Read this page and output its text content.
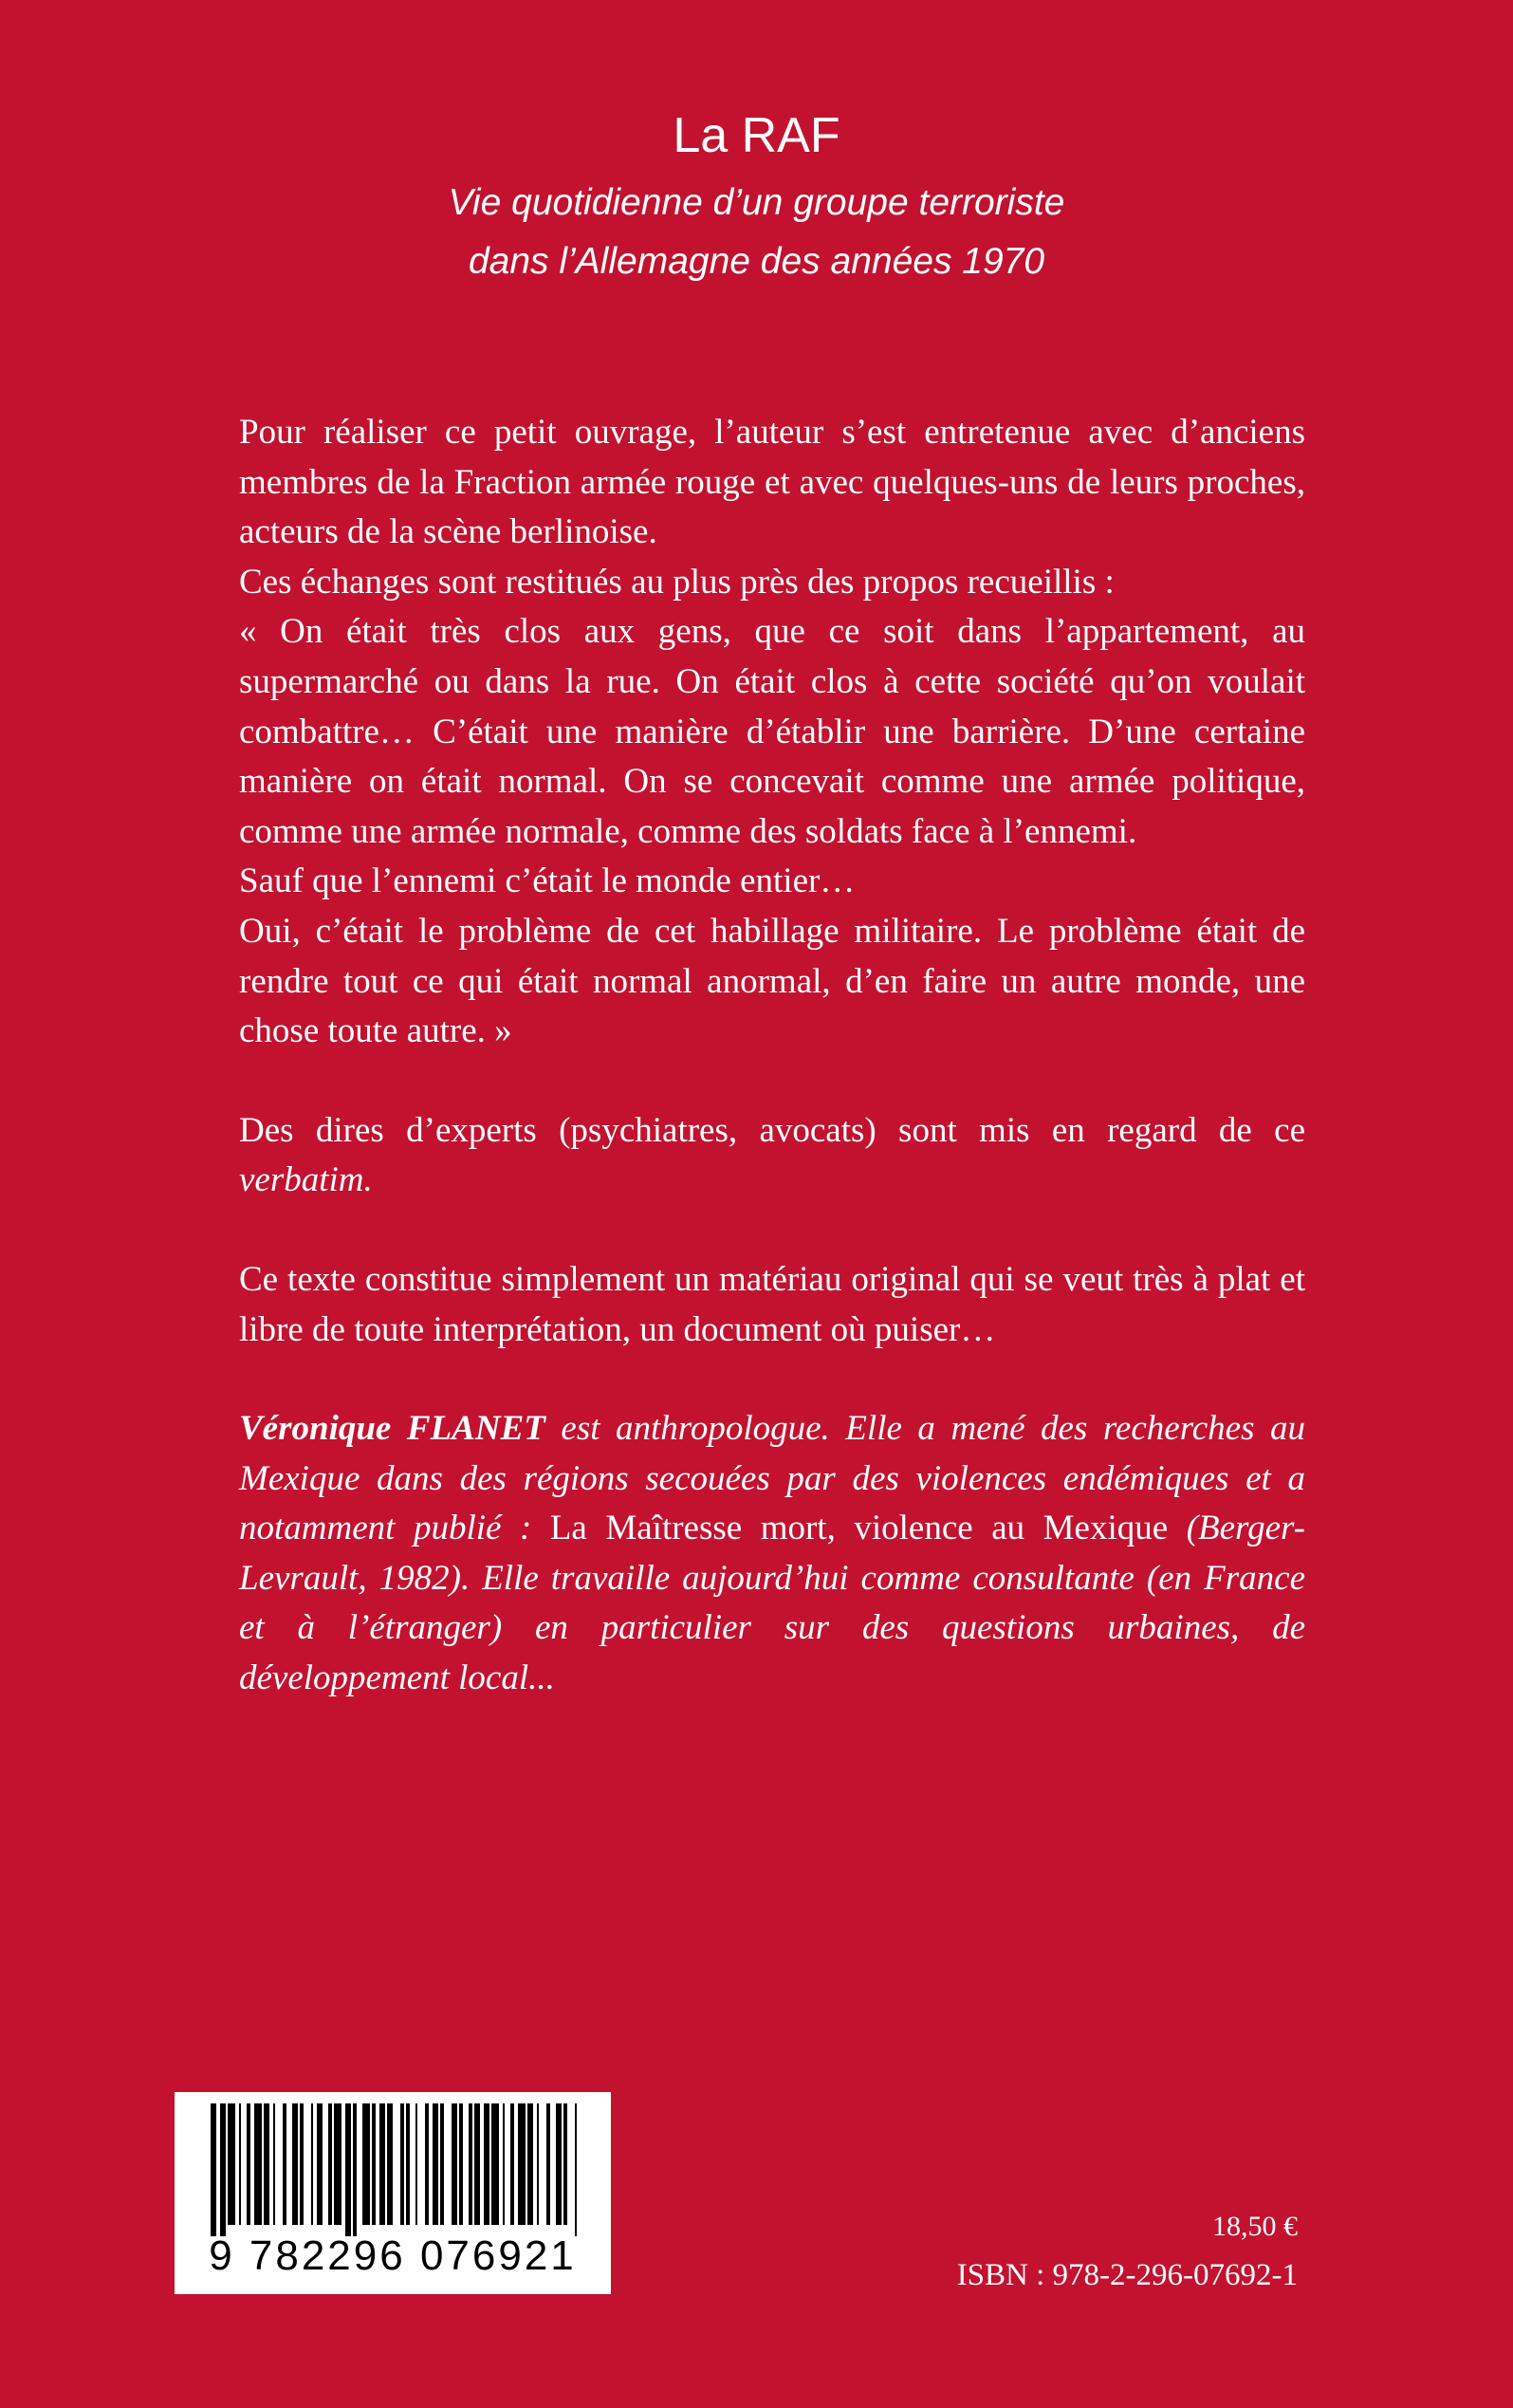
La RAF
Vie quotidienne d’un groupe terroriste
dans l’Allemagne des années 1970

Pour réaliser ce petit ouvrage, l’auteur s’est entretenue avec d’anciens membres de la Fraction armée rouge et avec quelques-uns de leurs proches, acteurs de la scène berlinoise.

Ces échanges sont restitués au plus près des propos recueillis :

« On était très clos aux gens, que ce soit dans l’appartement, au supermarché ou dans la rue. On était clos à cette société qu’on voulait combattre… C’était une manière d’établir une barrière. D’une certaine manière on était normal. On se concevait comme une armée politique, comme une armée normale, comme des soldats face à l’ennemi.

Sauf que l’ennemi c’était le monde entier…

Oui, c’était le problème de cet habillage militaire. Le problème était de rendre tout ce qui était normal anormal, d’en faire un autre monde, une chose toute autre. »

Des dires d’experts (psychiatres, avocats) sont mis en regard de ce verbatim.

Ce texte constitue simplement un matériau original qui se veut très à plat et libre de toute interprétation, un document où puiser…

Véronique FLANET est anthropologue. Elle a mené des recherches au Mexique dans des régions secouées par des violences endémiques et a notamment publié : La Maîtresse mort, violence au Mexique (Berger-Levrault, 1982). Elle travaille aujourd’hui comme consultante (en France et à l’étranger) en particulier sur des questions urbaines, de développement local...

9 782296 076921
18,50 €
ISBN : 978-2-296-07692-1
